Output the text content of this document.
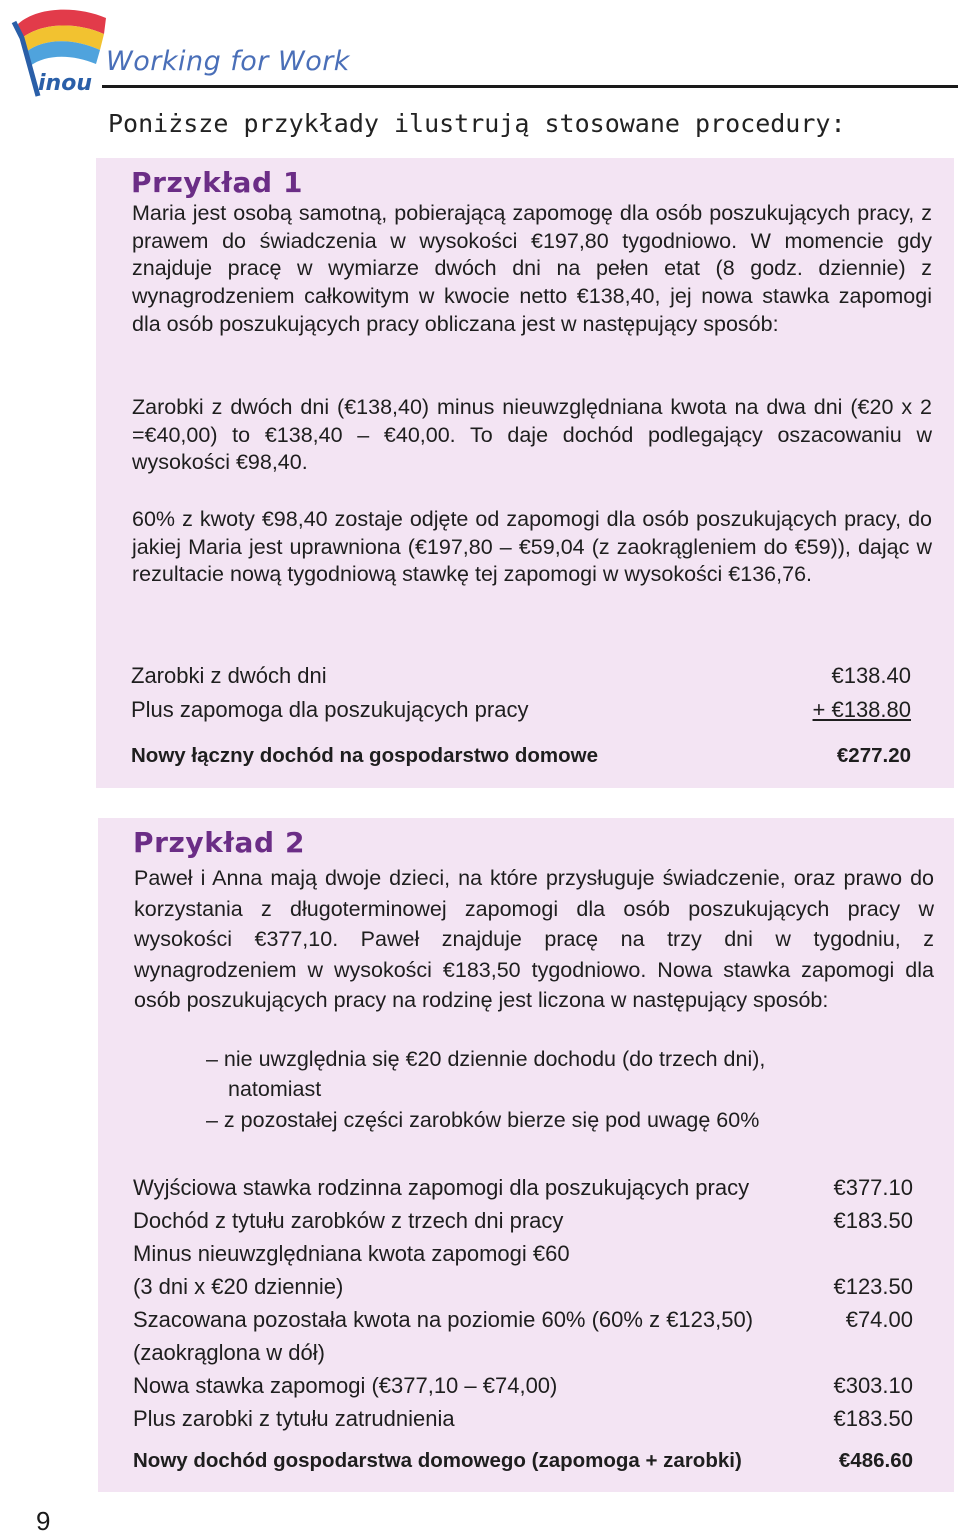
inou
Working for Work
Poniższe przykłady ilustrują stosowane procedury:
Przykład 1
Maria jest osobą samotną, pobierającą zapomogę dla osób poszukujących pracy, z prawem do świadczenia w wysokości €197,80 tygodniowo. W momencie gdy znajduje pracę w wymiarze dwóch dni na pełen etat (8 godz. dziennie) z wynagrodzeniem całkowitym w kwocie netto €138,40, jej nowa stawka zapomogi dla osób poszukujących pracy obliczana jest w następujący sposób:
Zarobki z dwóch dni (€138,40) minus nieuwzględniana kwota na dwa dni (€20 x 2 =€40,00) to €138,40 – €40,00. To daje dochód podlegający oszacowaniu w wysokości €98,40.
60% z kwoty €98,40 zostaje odjęte od zapomogi dla osób poszukujących pracy, do jakiej Maria jest uprawniona (€197,80 – €59,04 (z zaokrągleniem do €59)), dając w rezultacie nową tygodniową stawkę tej zapomogi w wysokości €136,76.
Zarobki z dwóch dni	€138.40
Plus zapomoga dla poszukujących pracy	+ €138.80
Nowy łączny dochód na gospodarstwo domowe	€277.20
Przykład 2
Paweł i Anna mają dwoje dzieci, na które przysługuje świadczenie, oraz prawo do korzystania z długoterminowej zapomogi dla osób poszukujących pracy w wysokości €377,10. Paweł znajduje pracę na trzy dni w tygodniu, z wynagrodzeniem w wysokości €183,50 tygodniowo. Nowa stawka zapomogi dla osób poszukujących pracy na rodzinę jest liczona w następujący sposób:
– nie uwzględnia się €20 dziennie dochodu (do trzech dni),
natomiast
– z pozostałej części zarobków bierze się pod uwagę 60%
Wyjściowa stawka rodzinna zapomogi dla poszukujących pracy	€377.10
Dochód z tytułu zarobków z trzech dni pracy	€183.50
Minus nieuwzględniana kwota zapomogi €60
(3 dni x €20 dziennie)	€123.50
Szacowana pozostała kwota na poziomie 60% (60% z €123,50)	€74.00
(zaokrąglona w dół)
Nowa stawka zapomogi (€377,10 – €74,00)	€303.10
Plus zarobki z tytułu zatrudnienia	€183.50
Nowy dochód gospodarstwa domowego (zapomoga + zarobki)	€486.60
9
